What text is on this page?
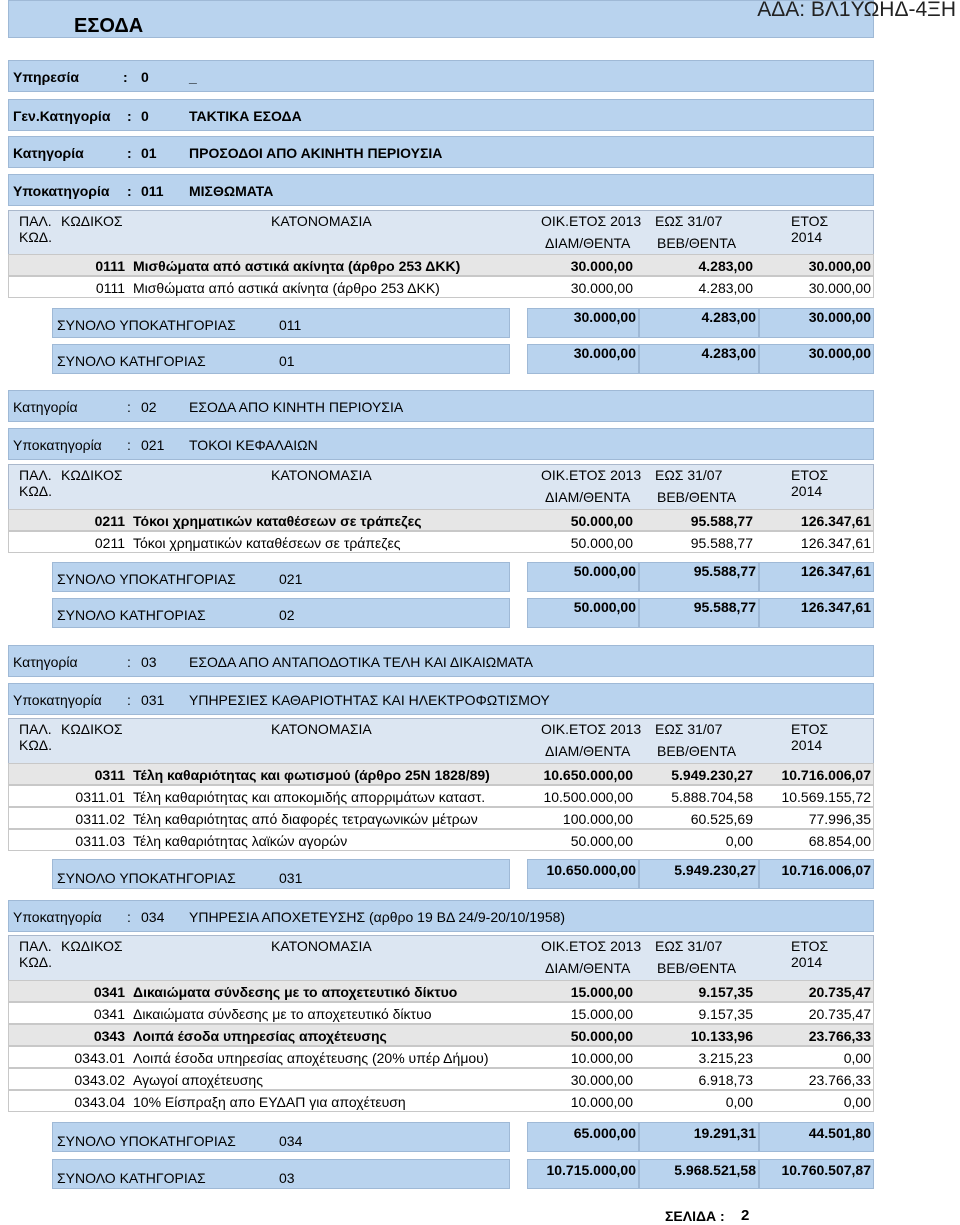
ΕΣΟΔΑ
ΑΔΑ: ΒΛ1ΥΩΗΔ-4ΞΗ
Υπηρεσία	: 0	_
Γεν.Κατηγορία : 0	ΤΑΚΤΙΚΑ ΕΣΟΔΑ
Κατηγορία	: 01 ΠΡΟΣΟΔΟΙ ΑΠΟ ΑΚΙΝΗΤΗ ΠΕΡΙΟΥΣΙΑ
Υποκατηγορία : 011 ΜΙΣΘΩΜΑΤΑ
ΠΑΛ.
ΚΩΔ.
ΚΩΔΙΚΟΣ	ΚΑΤΟΝΟΜΑΣΙΑ	ΟΙΚ.ΕΤΟΣ 2013 ΕΩΣ 31/07
ΔΙΑΜ/ΘΕΝΤΑ ΒΕΒ/ΘΕΝΤΑ
ΕΤΟΣ
2014
0111 Μισθώματα από αστικά ακίνητα (άρθρο 253 ΔΚΚ)	30.000,00	4.283,00	30.000,00
0111 Μισθώματα από αστικά ακίνητα (άρθρο 253 ΔΚΚ)	30.000,00	4.283,00	30.000,00
ΣΥΝΟΛΟ ΥΠΟΚΑΤΗΓΟΡΙΑΣ	011	30.000,00	4.283,00	30.000,00
ΣΥΝΟΛΟ ΚΑΤΗΓΟΡΙΑΣ	01	30.000,00	4.283,00	30.000,00
Κατηγορία	: 02 ΕΣΟΔΑ ΑΠΟ ΚΙΝΗΤΗ ΠΕΡΙΟΥΣΙΑ
Υποκατηγορία : 021 ΤΟΚΟΙ ΚΕΦΑΛΑΙΩΝ
ΠΑΛ.
ΚΩΔ.
ΚΩΔΙΚΟΣ	ΚΑΤΟΝΟΜΑΣΙΑ	ΟΙΚ.ΕΤΟΣ 2013 ΕΩΣ 31/07
ΔΙΑΜ/ΘΕΝΤΑ ΒΕΒ/ΘΕΝΤΑ
ΕΤΟΣ
2014
0211 Τόκοι χρηματικών καταθέσεων σε τράπεζες	50.000,00	95.588,77	126.347,61
0211 Τόκοι χρηματικών καταθέσεων σε τράπεζες	50.000,00	95.588,77	126.347,61
ΣΥΝΟΛΟ ΥΠΟΚΑΤΗΓΟΡΙΑΣ	021	50.000,00	95.588,77	126.347,61
ΣΥΝΟΛΟ ΚΑΤΗΓΟΡΙΑΣ	02	50.000,00	95.588,77	126.347,61
Κατηγορία	: 03 ΕΣΟΔΑ ΑΠΟ ΑΝΤΑΠΟΔΟΤΙΚΑ ΤΕΛΗ ΚΑΙ ΔΙΚΑΙΩΜΑΤΑ
Υποκατηγορία : 031 ΥΠΗΡΕΣΙΕΣ ΚΑΘΑΡΙΟΤΗΤΑΣ ΚΑΙ ΗΛΕΚΤΡΟΦΩΤΙΣΜΟΥ
ΠΑΛ.
ΚΩΔ.
ΚΩΔΙΚΟΣ	ΚΑΤΟΝΟΜΑΣΙΑ	ΟΙΚ.ΕΤΟΣ 2013 ΕΩΣ 31/07
ΔΙΑΜ/ΘΕΝΤΑ ΒΕΒ/ΘΕΝΤΑ
ΕΤΟΣ
2014
0311 Τέλη καθαριότητας και φωτισμού (άρθρο 25Ν 1828/89)	10.650.000,00	5.949.230,27 10.716.006,07
0311.01 Τέλη καθαριότητας και αποκομιδής απορριμάτων καταστ.	10.500.000,00	5.888.704,58 10.569.155,72
0311.02 Τέλη καθαριότητας από διαφορές τετραγωνικών μέτρων	100.000,00	60.525,69	77.996,35
0311.03 Τέλη καθαριότητας λαϊκών αγορών	50.000,00	0,00	68.854,00
ΣΥΝΟΛΟ ΥΠΟΚΑΤΗΓΟΡΙΑΣ	031	10.650.000,00	5.949.230,27 10.716.006,07
Υποκατηγορία : 034 ΥΠΗΡΕΣΙΑ ΑΠΟΧΕΤΕΥΣΗΣ (αρθρο 19 ΒΔ 24/9-20/10/1958)
ΠΑΛ.
ΚΩΔ.
ΚΩΔΙΚΟΣ	ΚΑΤΟΝΟΜΑΣΙΑ	ΟΙΚ.ΕΤΟΣ 2013 ΕΩΣ 31/07
ΔΙΑΜ/ΘΕΝΤΑ ΒΕΒ/ΘΕΝΤΑ
ΕΤΟΣ
2014
0341 Δικαιώματα σύνδεσης με το αποχετευτικό δίκτυο	15.000,00	9.157,35	20.735,47
0341 Δικαιώματα σύνδεσης με το αποχετευτικό δίκτυο	15.000,00	9.157,35	20.735,47
0343 Λοιπά έσοδα υπηρεσίας αποχέτευσης	50.000,00	10.133,96	23.766,33
0343.01 Λοιπά έσοδα υπηρεσίας αποχέτευσης (20% υπέρ Δήμου)	10.000,00	3.215,23	0,00
0343.02 Αγωγοί αποχέτευσης	30.000,00	6.918,73	23.766,33
0343.04 10% Είσπραξη απο ΕΥΔΑΠ για αποχέτευση	10.000,00	0,00	0,00
ΣΥΝΟΛΟ ΥΠΟΚΑΤΗΓΟΡΙΑΣ	034	65.000,00	19.291,31	44.501,80
ΣΥΝΟΛΟ ΚΑΤΗΓΟΡΙΑΣ	03	10.715.000,00	5.968.521,58 10.760.507,87
ΣΕΛΙΔΑ : 2
